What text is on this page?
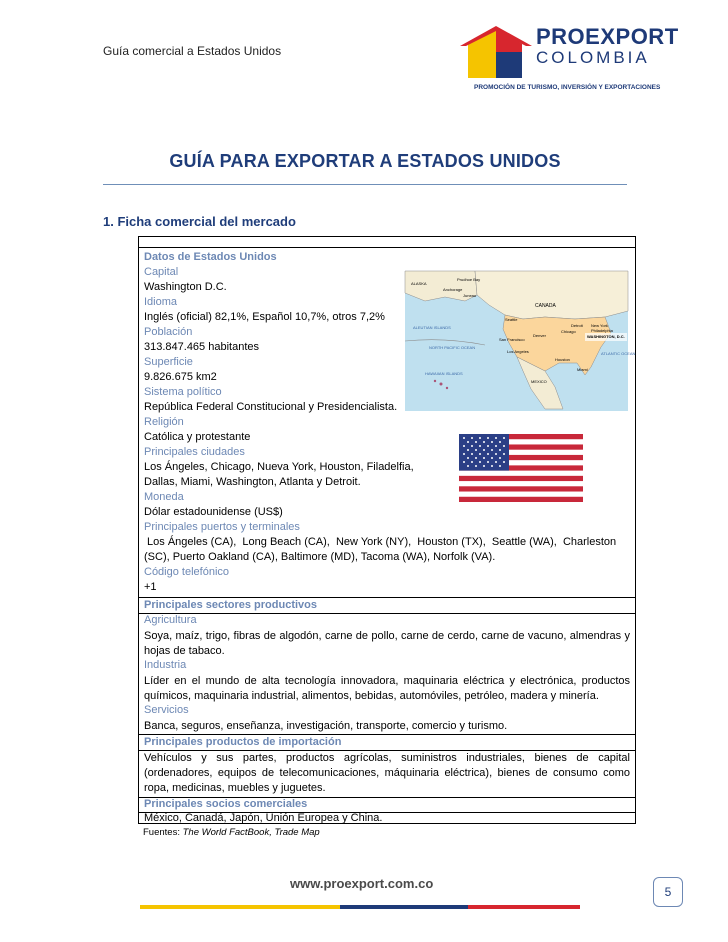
Guía comercial a Estados Unidos
PROEXPORT
COLOMBIA
PROMOCIÓN DE TURISMO, INVERSIÓN Y EXPORTACIONES
GUÍA PARA EXPORTAR A ESTADOS UNIDOS
1. Ficha comercial del mercado
Datos de Estados Unidos
Capital
Washington D.C.
Idioma
Inglés (oficial) 82,1%, Español 10,7%, otros 7,2%
Población
313.847.465 habitantes
Superficie
9.826.675 km2
Sistema político
República Federal Constitucional y Presidencialista.
Religión
Católica y protestante
Principales ciudades
Los Ángeles, Chicago, Nueva York, Houston, Filadelfia,
Dallas, Miami, Washington, Atlanta y Detroit.
Moneda
Dólar estadounidense (US$)
Principales puertos y terminales
Los Ángeles (CA),  Long Beach (CA),  New York (NY),  Houston (TX),  Seattle (WA),  Charleston
(SC), Puerto Oakland (CA), Baltimore (MD), Tacoma (WA), Norfolk (VA).
Código telefónico
+1
Prudhoe Bay
ALASKA
Anchorage
Juneau
CANADA
NORTH PACIFIC OCEAN
ALEUTIAN ISLANDS
HAWAIIAN ISLANDS
Seattle
San Francisco
Los Angeles
Denver
Chicago
Detroit New York
Philadelphia
WASHINGTON, D.C.
Houston
Miami
ATLANTIC OCEAN
MEXICO
Principales sectores productivos
Agricultura
Soya, maíz, trigo, fibras de algodón, carne de pollo, carne de cerdo, carne de vacuno, almendras y hojas de tabaco.
Industria
Líder en el mundo de alta tecnología innovadora, maquinaria eléctrica y electrónica, productos químicos, maquinaria industrial, alimentos, bebidas, automóviles, petróleo, madera y minería.
Servicios
Banca, seguros, enseñanza, investigación, transporte, comercio y turismo.
Principales productos de importación
Vehículos y sus partes, productos agrícolas, suministros industriales, bienes de capital (ordenadores, equipos de telecomunicaciones, máquinaria eléctrica), bienes de consumo como ropa, medicinas, muebles y juguetes.
Principales socios comerciales
México, Canadá, Japón, Unión Europea y China.
Fuentes: The World FactBook, Trade Map
www.proexport.com.co
5
